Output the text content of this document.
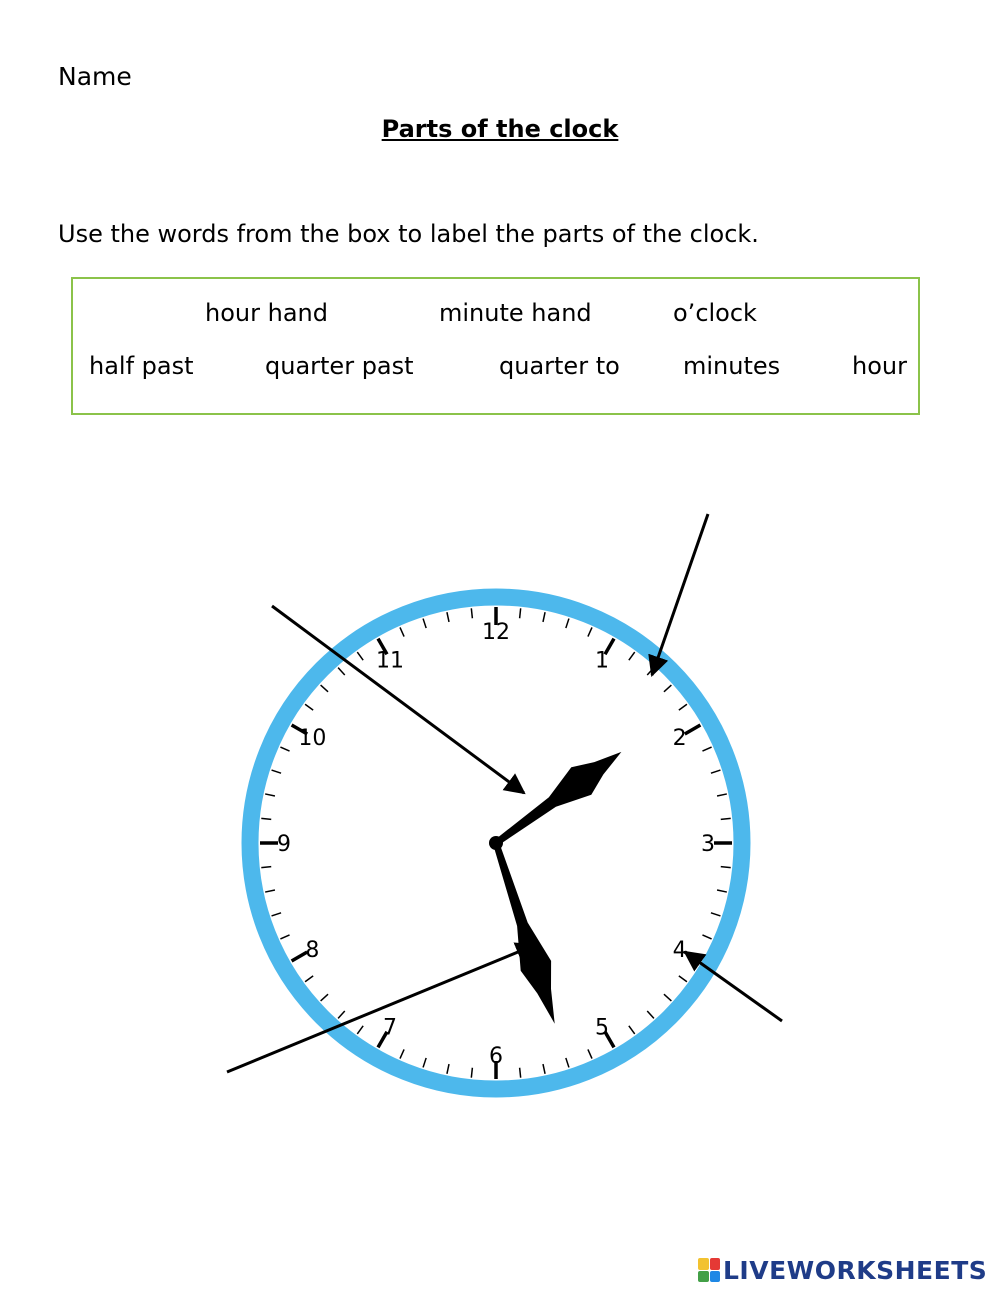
Name
Parts of the clock
Use the words from the box to label the parts of the clock.
hour hand	minute hand	o’clock
half past	quarter past	quarter to	minutes	hour
12
1
2
3
4
5
6
7
8
9
10
11
LIVEWORKSHEETS
